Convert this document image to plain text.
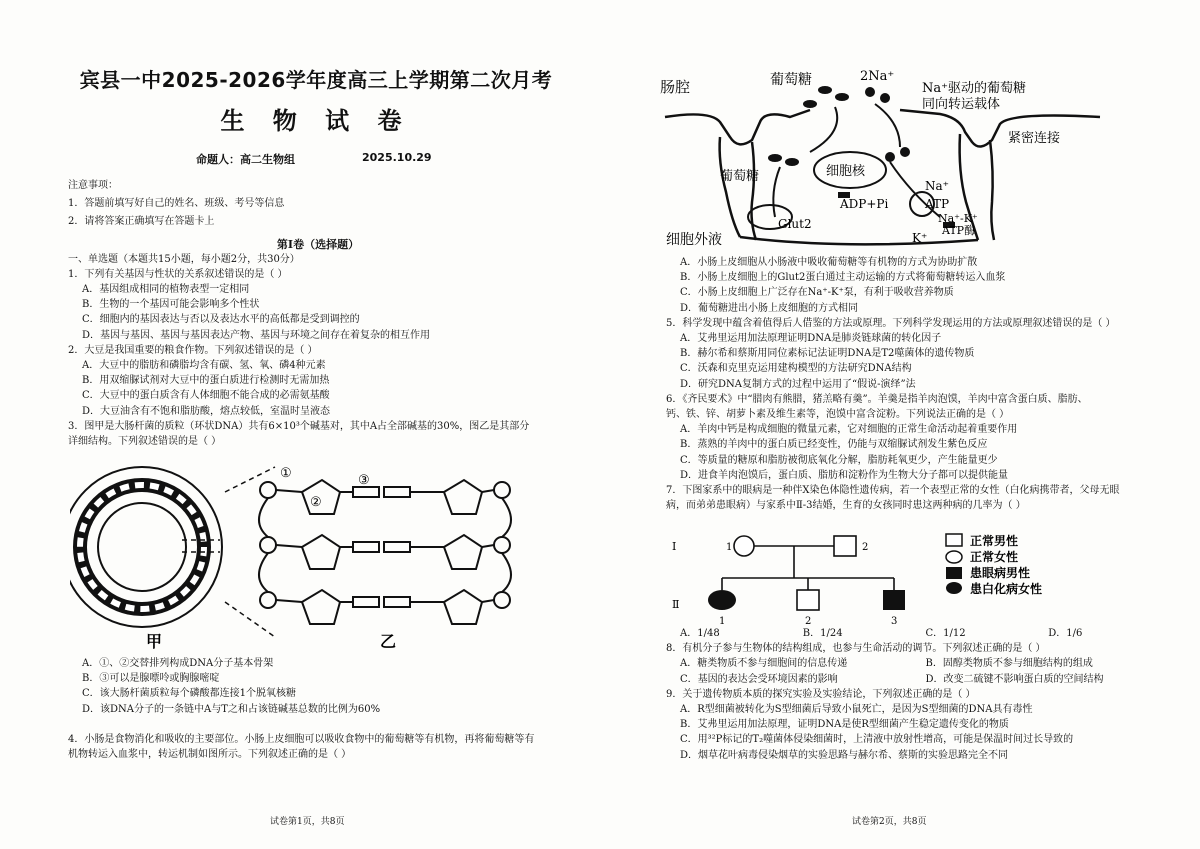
宾县一中2025-2026学年度高三上学期第二次月考
生 物 试 卷
命题人：高二生物组	2025.10.29
注意事项：
1．答题前填写好自己的姓名、班级、考号等信息
2．请将答案正确填写在答题卡上
第Ⅰ卷（选择题）
一、单选题（本题共15小题，每小题2分，共30分）
1．下列有关基因与性状的关系叙述错误的是（ ）
A．基因组成相同的植物表型一定相同
B．生物的一个基因可能会影响多个性状
C．细胞内的基因表达与否以及表达水平的高低都是受到调控的
D．基因与基因、基因与基因表达产物、基因与环境之间存在着复杂的相互作用
2．大豆是我国重要的粮食作物。下列叙述错误的是（ ）
A．大豆中的脂肪和磷脂均含有碳、氢、氧、磷4种元素
B．用双缩脲试剂对大豆中的蛋白质进行检测时无需加热
C．大豆中的蛋白质含有人体细胞不能合成的必需氨基酸
D．大豆油含有不饱和脂肪酸，熔点较低，室温时呈液态
3．图甲是大肠杆菌的质粒（环状DNA）共有6×10³个碱基对，其中A占全部碱基的30%，图乙是其部分
详细结构。下列叙述错误的是（ ）
①
②
③
甲	乙
A．①、②交替排列构成DNA分子基本骨架
B．③可以是腺嘌呤或胸腺嘧啶
C．该大肠杆菌质粒每个磷酸都连接1个脱氧核糖
D．该DNA分子的一条链中A与T之和占该链碱基总数的比例为60%
4．小肠是食物消化和吸收的主要部位。小肠上皮细胞可以吸收食物中的葡萄糖等有机物，再将葡萄糖等有
机物转运入血浆中，转运机制如图所示。下列叙述正确的是（ ）
试卷第1页，共8页
肠腔	葡萄糖	2Na⁺
Na⁺驱动的葡萄糖
同向转运载体
紧密连接
葡萄糖	细胞核
Na⁺
ADP+Pi	ATP
Na⁺-K⁺
ATP酶
Glut2
K⁺
细胞外液
A．小肠上皮细胞从小肠液中吸收葡萄糖等有机物的方式为协助扩散
B．小肠上皮细胞上的Glut2蛋白通过主动运输的方式将葡萄糖转运入血浆
C．小肠上皮细胞上广泛存在Na⁺-K⁺泵，有利于吸收营养物质
D．葡萄糖进出小肠上皮细胞的方式相同
5．科学发现中蕴含着值得后人借鉴的方法或原理。下列科学发现运用的方法或原理叙述错误的是（ ）
A．艾弗里运用加法原理证明DNA是肺炎链球菌的转化因子
B．赫尔希和蔡斯用同位素标记法证明DNA是T2噬菌体的遗传物质
C．沃森和克里克运用建构模型的方法研究DNA结构
D．研究DNA复制方式的过程中运用了“假说-演绎”法
6．《齐民要术》中“腊肉有熊腊，猪羔略有羹”。羊羹是指羊肉泡馍，羊肉中富含蛋白质、脂肪、
钙、铁、锌、胡萝卜素及维生素等，泡馍中富含淀粉。下列说法正确的是（ ）
A．羊肉中钙是构成细胞的微量元素，它对细胞的正常生命活动起着重要作用
B．蒸熟的羊肉中的蛋白质已经变性，仍能与双缩脲试剂发生紫色反应
C．等质量的糖原和脂肪被彻底氧化分解，脂肪耗氧更少，产生能量更少
D．进食羊肉泡馍后，蛋白质、脂肪和淀粉作为生物大分子都可以提供能量
7．下图家系中的眼病是一种伴X染色体隐性遗传病，若一个表型正常的女性（白化病携带者，父母无眼
病，而弟弟患眼病）与家系中Ⅱ-3结婚，生育的女孩同时患这两种病的几率为（ ）
Ⅰ
Ⅱ
1	2
1	2	3
正常男性
正常女性
患眼病男性
患白化病女性
A．1/48	B．1/24	C．1/12	D．1/6
8．有机分子参与生物体的结构组成，也参与生命活动的调节。下列叙述正确的是（ ）
A．糖类物质不参与细胞间的信息传递	B．固醇类物质不参与细胞结构的组成
C．基因的表达会受环境因素的影响	D．改变二硫键不影响蛋白质的空间结构
9．关于遗传物质本质的探究实验及实验结论，下列叙述正确的是（ ）
A．R型细菌被转化为S型细菌后导致小鼠死亡，是因为S型细菌的DNA具有毒性
B．艾弗里运用加法原理，证明DNA是使R型细菌产生稳定遗传变化的物质
C．用³²P标记的T₂噬菌体侵染细菌时，上清液中放射性增高，可能是保温时间过长导致的
D．烟草花叶病毒侵染烟草的实验思路与赫尔希、蔡斯的实验思路完全不同
试卷第2页，共8页
